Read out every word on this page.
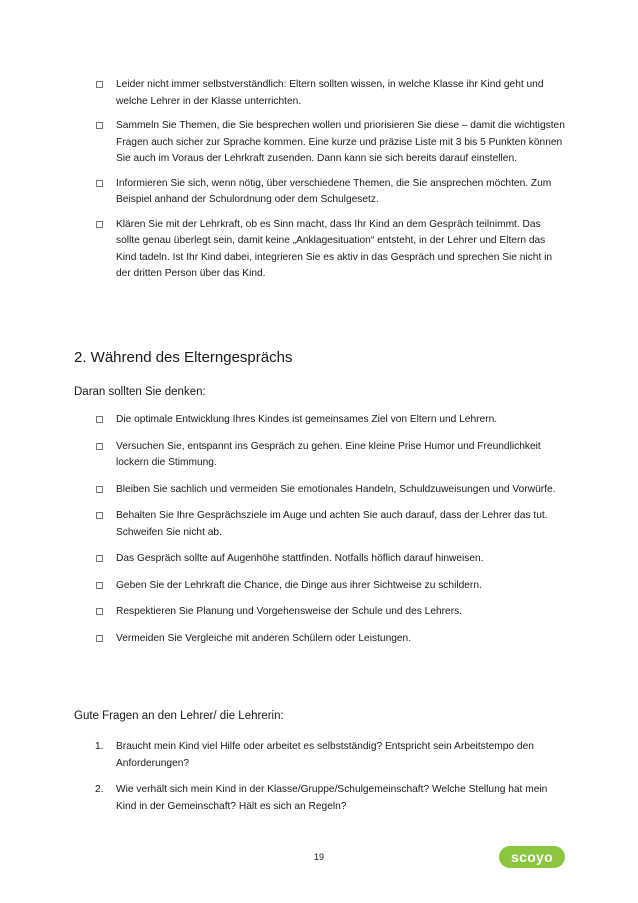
Leider nicht immer selbstverständlich: Eltern sollten wissen, in welche Klasse ihr Kind geht und welche Lehrer in der Klasse unterrichten.
Sammeln Sie Themen, die Sie besprechen wollen und priorisieren Sie diese – damit die wichtigsten Fragen auch sicher zur Sprache kommen. Eine kurze und präzise Liste mit 3 bis 5 Punkten können Sie auch im Voraus der Lehrkraft zusenden. Dann kann sie sich bereits darauf einstellen.
Informieren Sie sich, wenn nötig, über verschiedene Themen, die Sie ansprechen möchten. Zum Beispiel anhand der Schulordnung oder dem Schulgesetz.
Klären Sie mit der Lehrkraft, ob es Sinn macht, dass Ihr Kind an dem Gespräch teilnimmt. Das sollte genau überlegt sein, damit keine „Anklagesituation“ entsteht, in der Lehrer und Eltern das Kind tadeln. Ist Ihr Kind dabei, integrieren Sie es aktiv in das Gespräch und sprechen Sie nicht in der dritten Person über das Kind.
2. Während des Elterngesprächs

Daran sollten Sie denken:

Die optimale Entwicklung Ihres Kindes ist gemeinsames Ziel von Eltern und Lehrern.
Versuchen Sie, entspannt ins Gespräch zu gehen. Eine kleine Prise Humor und Freundlichkeit lockern die Stimmung.
Bleiben Sie sachlich und vermeiden Sie emotionales Handeln, Schuldzuweisungen und Vorwürfe.
Behalten Sie Ihre Gesprächsziele im Auge und achten Sie auch darauf, dass der Lehrer das tut. Schweifen Sie nicht ab.
Das Gespräch sollte auf Augenhöhe stattfinden. Notfalls höflich darauf hinweisen.
Geben Sie der Lehrkraft die Chance, die Dinge aus ihrer Sichtweise zu schildern.
Respektieren Sie Planung und Vorgehensweise der Schule und des Lehrers.
Vermeiden Sie Vergleiche mit anderen Schülern oder Leistungen.

Gute Fragen an den Lehrer/ die Lehrerin:

1. Braucht mein Kind viel Hilfe oder arbeitet es selbstständig? Entspricht sein Arbeitstempo den Anforderungen?
2. Wie verhält sich mein Kind in der Klasse/Gruppe/Schulgemeinschaft? Welche Stellung hat mein Kind in der Gemeinschaft? Hält es sich an Regeln?
19	scoyo
